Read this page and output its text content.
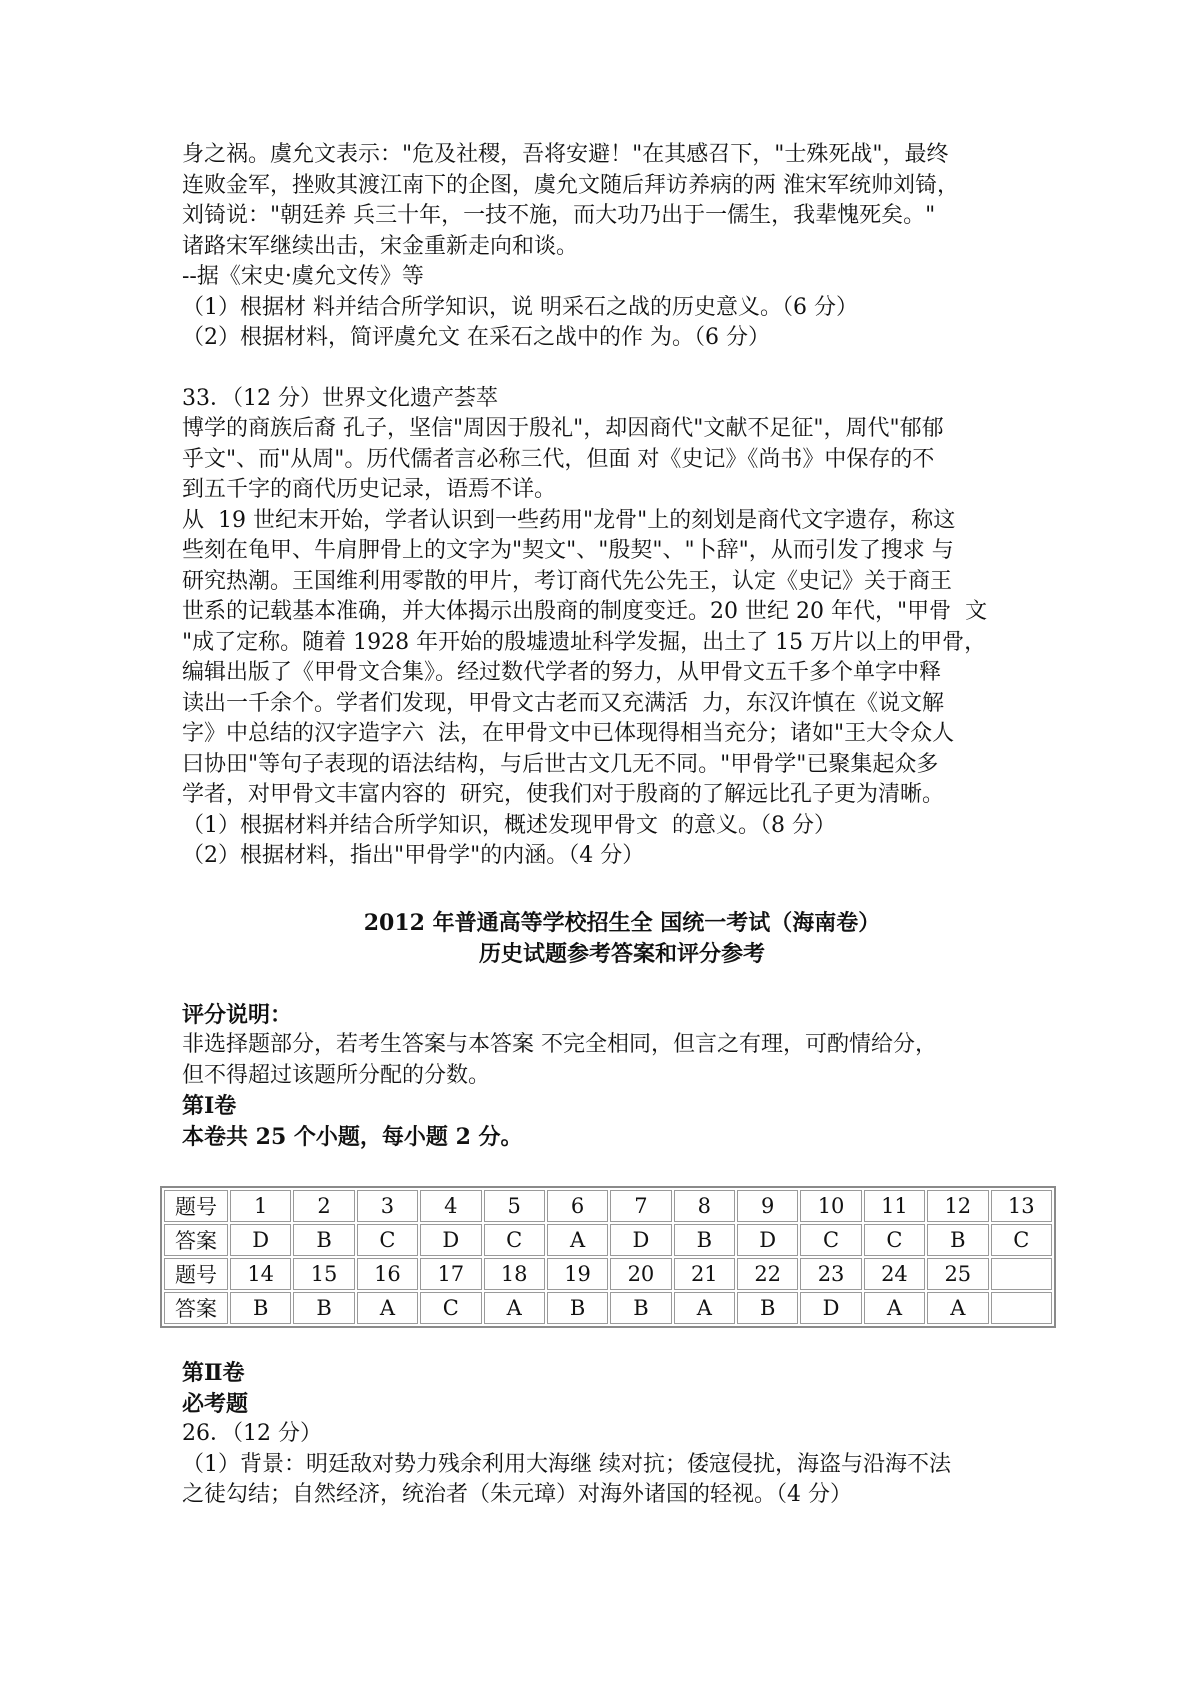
身之祸。虞允文表示："危及社稷，吾将安避！"在其感召下，"士殊死战"，最终

连败金军，挫败其渡江南下的企图，虞允文随后拜访养病的两 淮宋军统帅刘锜，

刘锜说："朝廷养 兵三十年，一技不施，而大功乃出于一儒生，我辈愧死矣。"

诸路宋军继续出击，宋金重新走向和谈。

--据《宋史·虞允文传》等

（1）根据材 料并结合所学知识，说 明采石之战的历史意义。（6 分）

（2）根据材料，简评虞允文 在采石之战中的作 为。（6 分）

33．（12 分）世界文化遗产荟萃

博学的商族后裔 孔子，坚信"周因于殷礼"，却因商代"文献不足征"，周代"郁郁

乎文"、而"从周"。历代儒者言必称三代，但面 对《史记》《尚书》中保存的不

到五千字的商代历史记录，语焉不详。

从  19 世纪末开始，学者认识到一些药用"龙骨"上的刻划是商代文字遗存，称这

些刻在龟甲、牛肩胛骨上的文字为"契文"、"殷契"、"卜辞"，从而引发了搜求 与

研究热潮。王国维利用零散的甲片，考订商代先公先王，认定《史记》关于商王

世系的记载基本准确，并大体揭示出殷商的制度变迁。20 世纪 20 年代，"甲骨  文

"成了定称。随着 1928 年开始的殷墟遗址科学发掘，出土了 15 万片以上的甲骨，

编辑出版了《甲骨文合集》。经过数代学者的努力，从甲骨文五千多个单字中释

读出一千余个。学者们发现，甲骨文古老而又充满活  力，东汉许慎在《说文解

字》中总结的汉字造字六  法，在甲骨文中已体现得相当充分；诸如"王大令众人

曰协田"等句子表现的语法结构，与后世古文几无不同。"甲骨学"已聚集起众多

学者，对甲骨文丰富内容的  研究，使我们对于殷商的了解远比孔子更为清晰。

（1）根据材料并结合所学知识，概述发现甲骨文  的意义。（8 分）

（2）根据材料，指出"甲骨学"的内涵。（4 分）

2012 年普通高等学校招生全 国统一考试（海南卷）
历史试题参考答案和评分参考

评分说明：

非选择题部分，若考生答案与本答案 不完全相同，但言之有理，可酌情给分，

但不得超过该题所分配的分数。

第Ⅰ卷

本卷共 25 个小题，每小题 2 分。

题号	1	2	3	4	5	6	7	8	9	10	11	12	13
答案	D	B	C	D	C	A	D	B	D	C	C	B	C
题号	14	15	16	17	18	19	20	21	22	23	24	25	
答案	B	B	A	C	A	B	B	A	B	D	A	A	

第Ⅱ卷

必考题

26．（12 分）

（1）背景：明廷敌对势力残余利用大海继 续对抗；倭寇侵扰，海盗与沿海不法

之徒勾结；自然经济，统治者（朱元璋）对海外诸国的轻视。（4 分）
